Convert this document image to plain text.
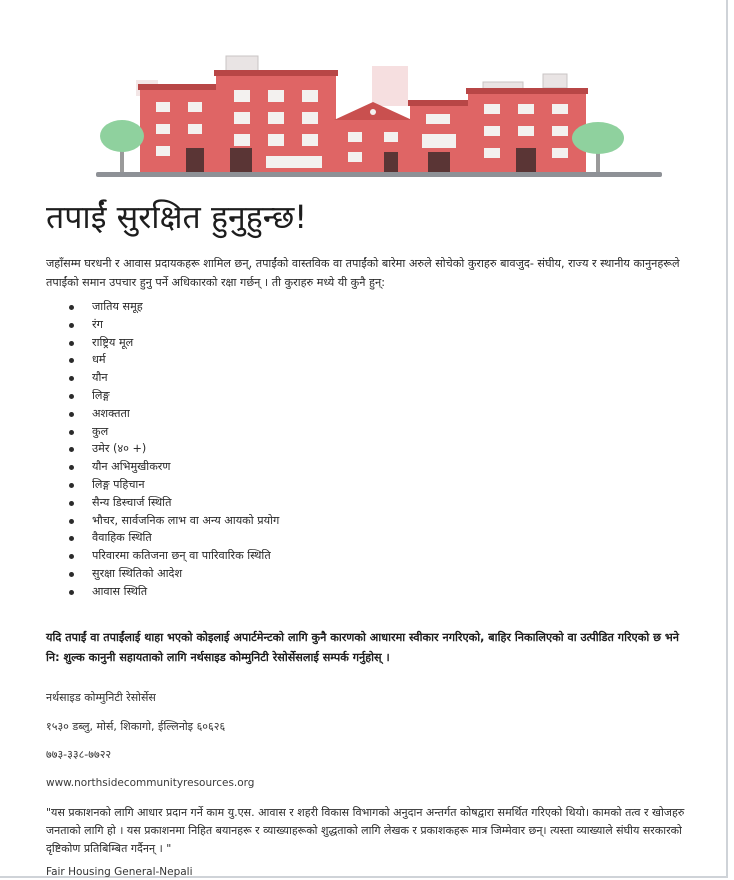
तपाईं सुरक्षित हुनुहुन्छ!

जहाँसम्म घरधनी र आवास प्रदायकहरू शामिल छन्, तपाईंको वास्तविक वा तपाईंको बारेमा अरुले सोचेको कुराहरु बावजुद- संघीय, राज्य र स्थानीय कानुनहरूले तपाईंको समान उपचार हुनु पर्ने अधिकारको रक्षा गर्छन् । ती कुराहरु मध्ये यी कुनै हुन्:

जातिय समूह
रंग
राष्ट्रिय मूल
धर्म
यौन
लिङ्ग
अशक्तता
कुल
उमेर (४० +)
यौन अभिमुखीकरण
लिङ्ग पहिचान
सैन्य डिस्चार्ज स्थिति
भौचर, सार्वजनिक लाभ वा अन्य आयको प्रयोग
वैवाहिक स्थिति
परिवारमा कतिजना छन् वा पारिवारिक स्थिति
सुरक्षा स्थितिको आदेश
आवास स्थिति

यदि तपाईं वा तपाईंलाई थाहा भएको कोइलाई अपार्टमेन्टको लागि कुनै कारणको आधारमा स्वीकार नगरिएको, बाहिर निकालिएको वा उत्पीडित गरिएको छ भने नि: शुल्क कानुनी सहायताको लागि नर्थसाइड कोम्मुनिटी रेसोर्सेसलाई सम्पर्क गर्नुहोस् ।

नर्थसाइड कोम्मुनिटी रेसोर्सेस

१५३० डब्लु, मोर्स, शिकागो, ईल्लिनोइ ६०६२६

७७३-३३८-७७२२

www.northsidecommunityresources.org

"यस प्रकाशनको लागि आधार प्रदान गर्ने काम यु.एस. आवास र शहरी विकास विभागको अनुदान अन्तर्गत कोषद्वारा समर्थित गरिएको थियो। कामको तत्व र खोजहरु जनताको लागि हो । यस प्रकाशनमा निहित बयानहरू र व्याख्याहरूको शुद्धताको लागि लेखक र प्रकाशकहरू मात्र जिम्मेवार छन्। त्यस्ता व्याख्याले संघीय सरकारको दृष्टिकोण प्रतिबिम्बित गर्दैनन् । "

Fair Housing General-Nepali
